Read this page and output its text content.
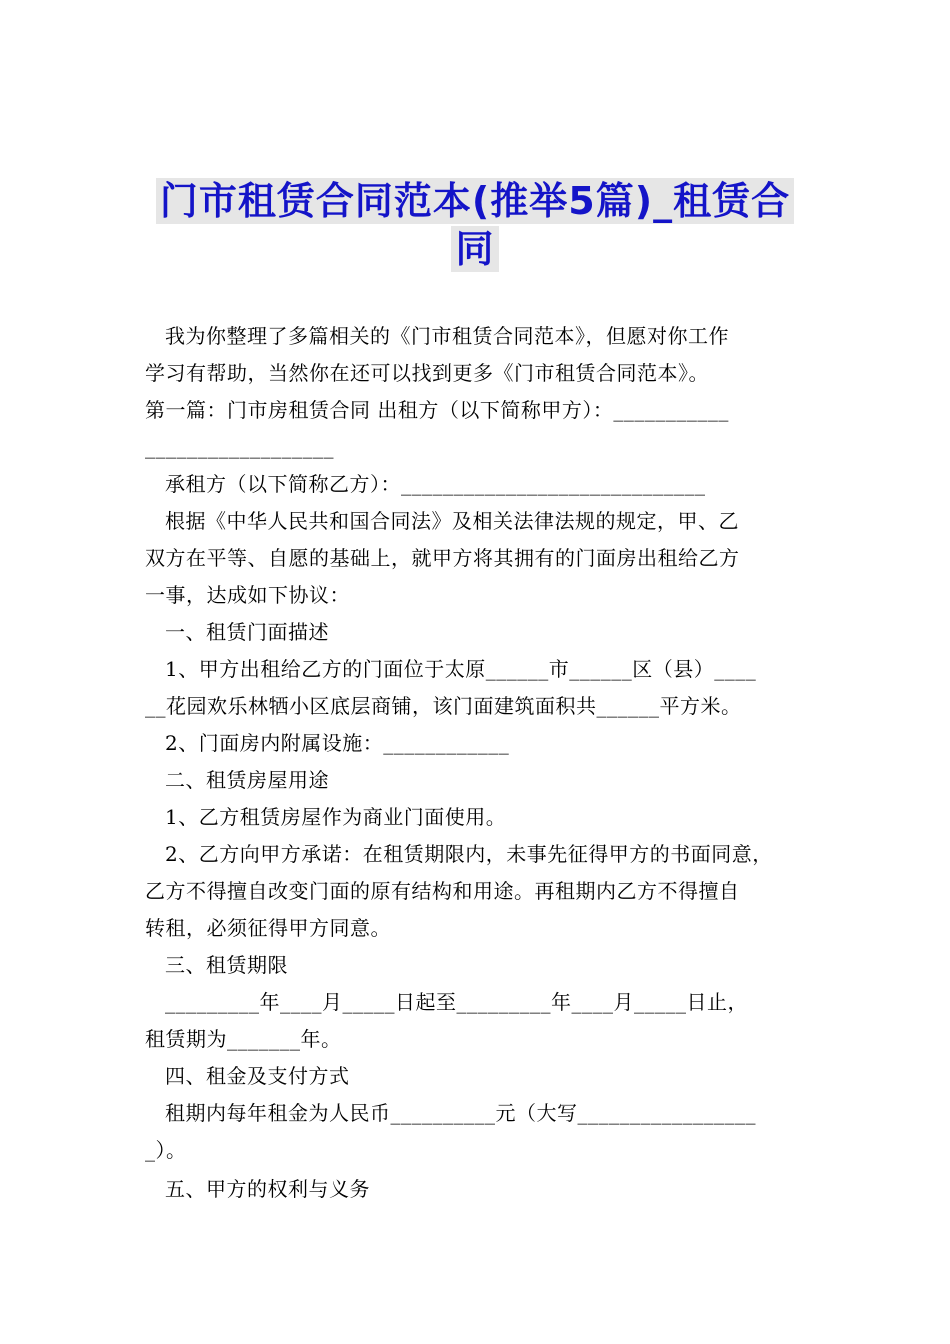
门市租赁合同范本(推举5篇)_租赁合
同
我为你整理了多篇相关的《门市租赁合同范本》，但愿对你工作
学习有帮助，当然你在还可以找到更多《门市租赁合同范本》。
第一篇：门市房租赁合同 出租方（以下简称甲方）：___________
__________________
承租方（以下简称乙方）：_____________________________
根据《中华人民共和国合同法》及相关法律法规的规定，甲、乙
双方在平等、自愿的基础上，就甲方将其拥有的门面房出租给乙方
一事，达成如下协议：
一、租赁门面描述
1、甲方出租给乙方的门面位于太原______市______区（县）____
__花园欢乐林牺小区底层商铺，该门面建筑面积共______平方米。
2、门面房内附属设施：____________
二、租赁房屋用途
1、乙方租赁房屋作为商业门面使用。
2、乙方向甲方承诺：在租赁期限内，未事先征得甲方的书面同意，
乙方不得擅自改变门面的原有结构和用途。再租期内乙方不得擅自
转租，必须征得甲方同意。
三、租赁期限
_________年____月_____日起至_________年____月_____日止，
租赁期为_______年。
四、租金及支付方式
租期内每年租金为人民币__________元（大写_________________
_）。
五、甲方的权利与义务
